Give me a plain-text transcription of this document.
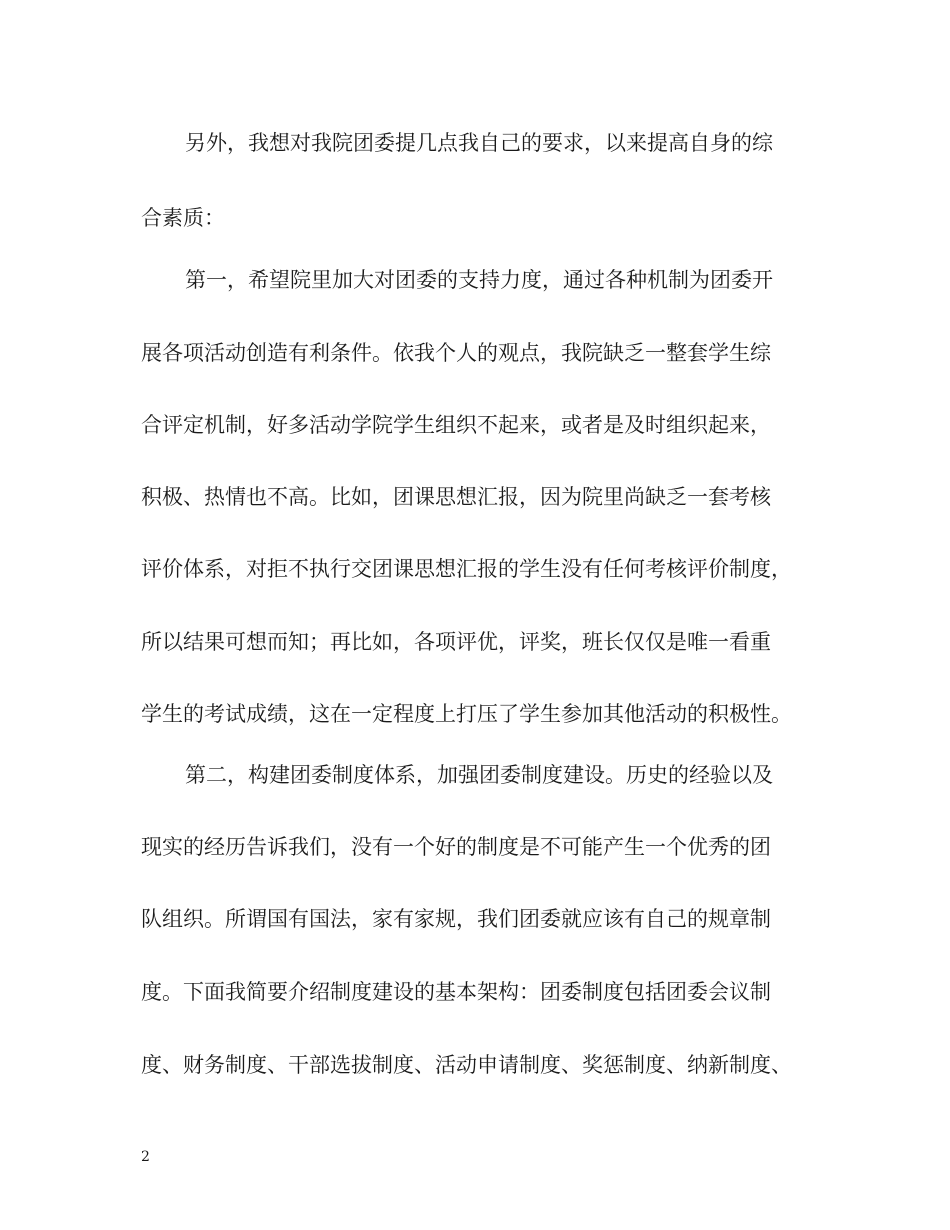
另外，我想对我院团委提几点我自己的要求，以来提高自身的综
合素质：
第一，希望院里加大对团委的支持力度，通过各种机制为团委开
展各项活动创造有利条件。依我个人的观点，我院缺乏一整套学生综
合评定机制，好多活动学院学生组织不起来，或者是及时组织起来，
积极、热情也不高。比如，团课思想汇报，因为院里尚缺乏一套考核
评价体系，对拒不执行交团课思想汇报的学生没有任何考核评价制度，
所以结果可想而知；再比如，各项评优，评奖，班长仅仅是唯一看重
学生的考试成绩，这在一定程度上打压了学生参加其他活动的积极性。
第二，构建团委制度体系，加强团委制度建设。历史的经验以及
现实的经历告诉我们，没有一个好的制度是不可能产生一个优秀的团
队组织。所谓国有国法，家有家规，我们团委就应该有自己的规章制
度。下面我简要介绍制度建设的基本架构：团委制度包括团委会议制
度、财务制度、干部选拔制度、活动申请制度、奖惩制度、纳新制度、
2
